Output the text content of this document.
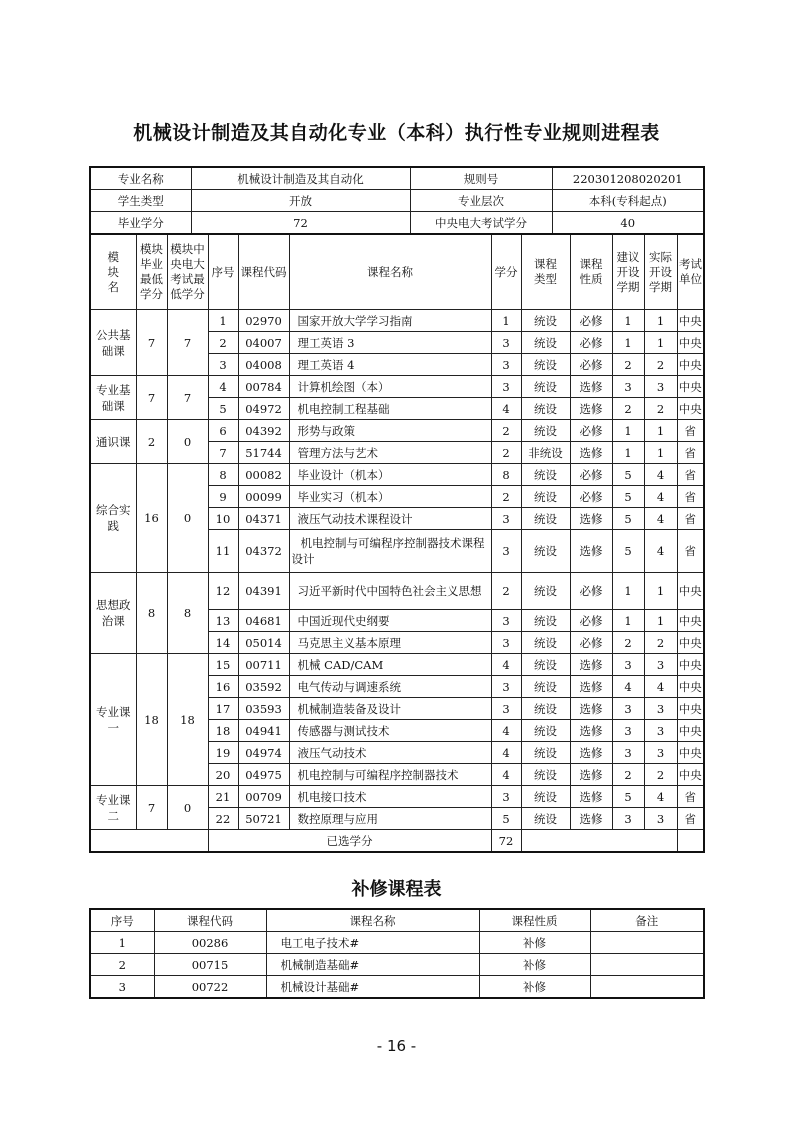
机械设计制造及其自动化专业（本科）执行性专业规则进程表
专业名称	机械设计制造及其自动化	规则号	220301208020201
学生类型	开放	专业层次	本科(专科起点)
毕业学分	72	中央电大考试学分	40
模块名	模块毕业最低学分	模块中央电大考试最低学分	序号	课程代码	课程名称	学分	课程类型	课程性质	建议开设学期	实际开设学期	考试单位

公共基础课	7	7	1	02970	国家开放大学学习指南	1	统设	必修	1	1	中央
			2	04007	理工英语 3	3	统设	必修	1	1	中央
			3	04008	理工英语 4	3	统设	必修	2	2	中央

专业基础课	7	7	4	00784	计算机绘图（本）	3	统设	选修	3	3	中央
			5	04972	机电控制工程基础	4	统设	选修	2	2	中央

通识课	2	0	6	04392	形势与政策	2	统设	必修	1	1	省
			7	51744	管理方法与艺术	2	非统设	选修	1	1	省

综合实践	16	0	8	00082	毕业设计（机本）	8	统设	必修	5	4	省
			9	00099	毕业实习（机本）	2	统设	必修	5	4	省
			10	04371	液压气动技术课程设计	3	统设	选修	5	4	省
			11	04372	机电控制与可编程序控制器技术课程设计	3	统设	选修	5	4	省

思想政治课	8	8	12	04391	习近平新时代中国特色社会主义思想	2	统设	必修	1	1	中央
			13	04681	中国近现代史纲要	3	统设	必修	1	1	中央
			14	05014	马克思主义基本原理	3	统设	必修	2	2	中央

专业课一	18	18	15	00711	机械 CAD/CAM	4	统设	选修	3	3	中央
			16	03592	电气传动与调速系统	3	统设	选修	4	4	中央
			17	03593	机械制造装备及设计	3	统设	选修	3	3	中央
			18	04941	传感器与测试技术	4	统设	选修	3	3	中央
			19	04974	液压气动技术	4	统设	选修	3	3	中央
			20	04975	机电控制与可编程序控制器技术	4	统设	选修	2	2	中央

专业课二	7	0	21	00709	机电接口技术	3	统设	选修	5	4	省
			22	50721	数控原理与应用	5	统设	选修	3	3	省
			已选学分			72					
补修课程表
序号	课程代码	课程名称	课程性质	备注
1	00286	电工电子技术#	补修	
2	00715	机械制造基础#	补修	
3	00722	机械设计基础#	补修	
- 16 -
